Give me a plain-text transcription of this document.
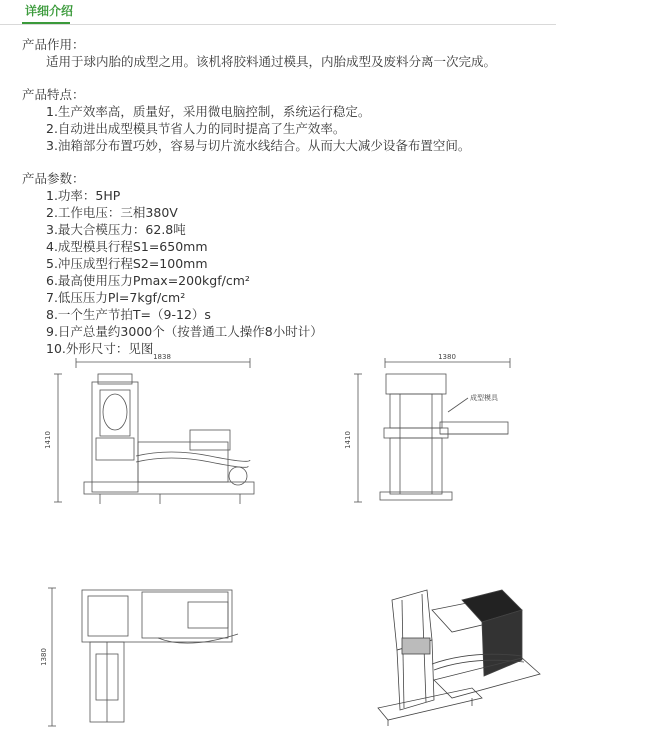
详细介绍

产品作用：

适用于球内胎的成型之用。该机将胶料通过模具，内胎成型及废料分离一次完成。

产品特点：

1.生产效率高，质量好，采用微电脑控制，系统运行稳定。

2.自动进出成型模具节省人力的同时提高了生产效率。

3.油箱部分布置巧妙，容易与切片流水线结合。从而大大减少设备布置空间。

产品参数：

1.功率：5HP

2.工作电压：三相380V

3.最大合模压力：62.8吨

4.成型模具行程S1=650mm

5.冲压成型行程S2=100mm

6.最高使用压力Pmax=200kgf/cm²

7.低压压力Pl=7kgf/cm²

8.一个生产节拍T=（9-12）s

9.日产总量约3000个（按普通工人操作8小时计）

10.外形尺寸：见图

1838
1410
1380
1410
成型模具
1380
